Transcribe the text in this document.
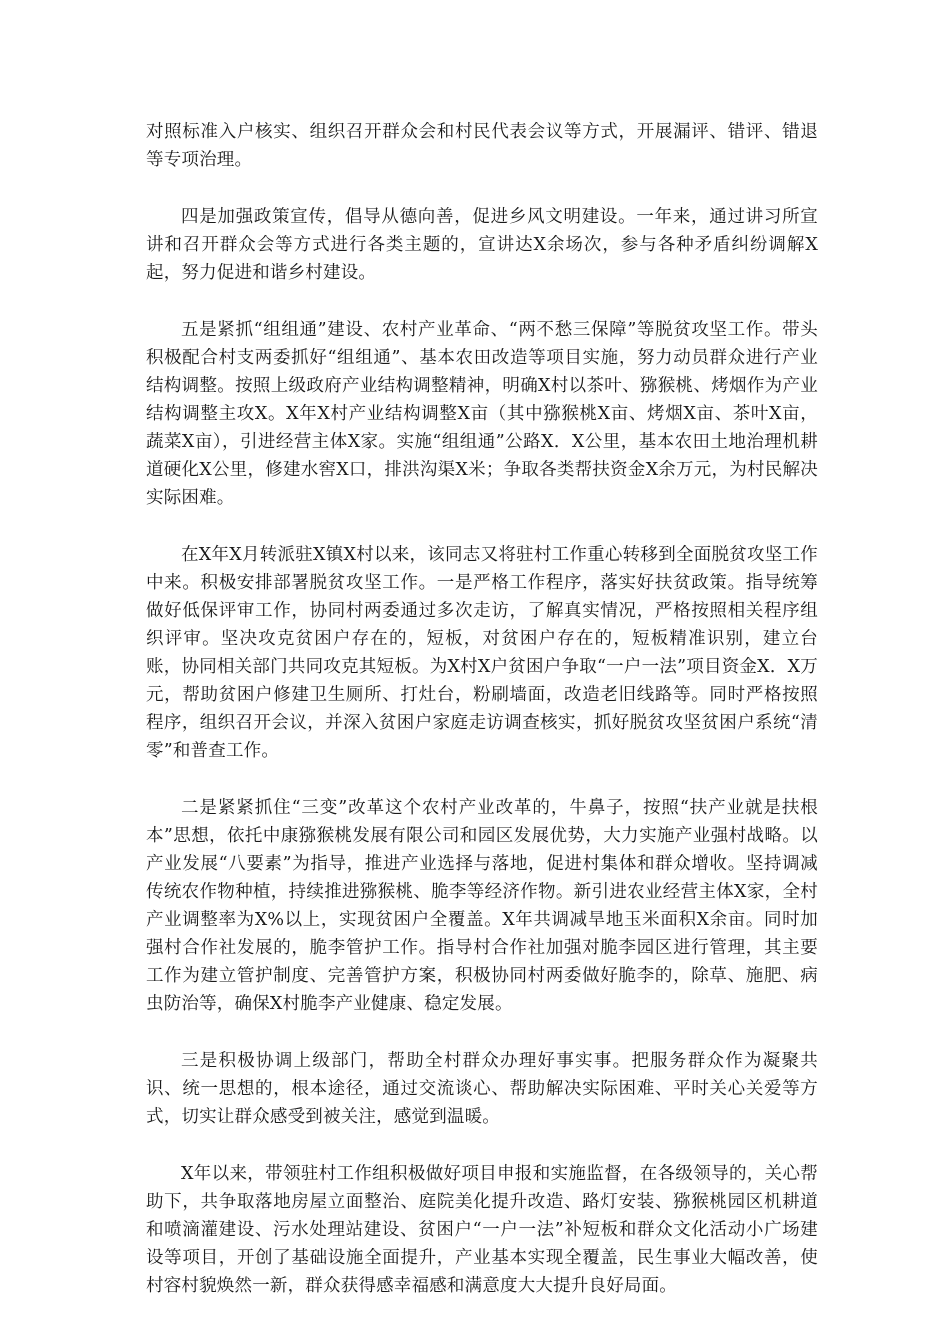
对照标准入户核实、组织召开群众会和村民代表会议等方式，开展漏评、错评、错退等专项治理。

四是加强政策宣传，倡导从德向善，促进乡风文明建设。一年来，通过讲习所宣讲和召开群众会等方式进行各类主题的，宣讲达X余场次，参与各种矛盾纠纷调解X起，努力促进和谐乡村建设。

五是紧抓“组组通”建设、农村产业革命、“两不愁三保障”等脱贫攻坚工作。带头积极配合村支两委抓好“组组通”、基本农田改造等项目实施，努力动员群众进行产业结构调整。按照上级政府产业结构调整精神，明确X村以茶叶、猕猴桃、烤烟作为产业结构调整主攻X。X年X村产业结构调整X亩（其中猕猴桃X亩、烤烟X亩、茶叶X亩，蔬菜X亩），引进经营主体X家。实施“组组通”公路X．X公里，基本农田土地治理机耕道硬化X公里，修建水窖X口，排洪沟渠X米；争取各类帮扶资金X余万元，为村民解决实际困难。

在X年X月转派驻X镇X村以来，该同志又将驻村工作重心转移到全面脱贫攻坚工作中来。积极安排部署脱贫攻坚工作。一是严格工作程序，落实好扶贫政策。指导统筹做好低保评审工作，协同村两委通过多次走访，了解真实情况，严格按照相关程序组织评审。坚决攻克贫困户存在的，短板，对贫困户存在的，短板精准识别，建立台账，协同相关部门共同攻克其短板。为X村X户贫困户争取“一户一法”项目资金X．X万元，帮助贫困户修建卫生厕所、打灶台，粉刷墙面，改造老旧线路等。同时严格按照程序，组织召开会议，并深入贫困户家庭走访调查核实，抓好脱贫攻坚贫困户系统“清零”和普查工作。

二是紧紧抓住“三变”改革这个农村产业改革的，牛鼻子，按照“扶产业就是扶根本”思想，依托中康猕猴桃发展有限公司和园区发展优势，大力实施产业强村战略。以产业发展“八要素”为指导，推进产业选择与落地，促进村集体和群众增收。坚持调减传统农作物种植，持续推进猕猴桃、脆李等经济作物。新引进农业经营主体X家，全村产业调整率为X%以上，实现贫困户全覆盖。X年共调减旱地玉米面积X余亩。同时加强村合作社发展的，脆李管护工作。指导村合作社加强对脆李园区进行管理，其主要工作为建立管护制度、完善管护方案，积极协同村两委做好脆李的，除草、施肥、病虫防治等，确保X村脆李产业健康、稳定发展。

三是积极协调上级部门，帮助全村群众办理好事实事。把服务群众作为凝聚共识、统一思想的，根本途径，通过交流谈心、帮助解决实际困难、平时关心关爱等方式，切实让群众感受到被关注，感觉到温暖。

X年以来，带领驻村工作组积极做好项目申报和实施监督，在各级领导的，关心帮助下，共争取落地房屋立面整治、庭院美化提升改造、路灯安装、猕猴桃园区机耕道和喷滴灌建设、污水处理站建设、贫困户“一户一法”补短板和群众文化活动小广场建设等项目，开创了基础设施全面提升，产业基本实现全覆盖，民生事业大幅改善，使村容村貌焕然一新，群众获得感幸福感和满意度大大提升良好局面。
